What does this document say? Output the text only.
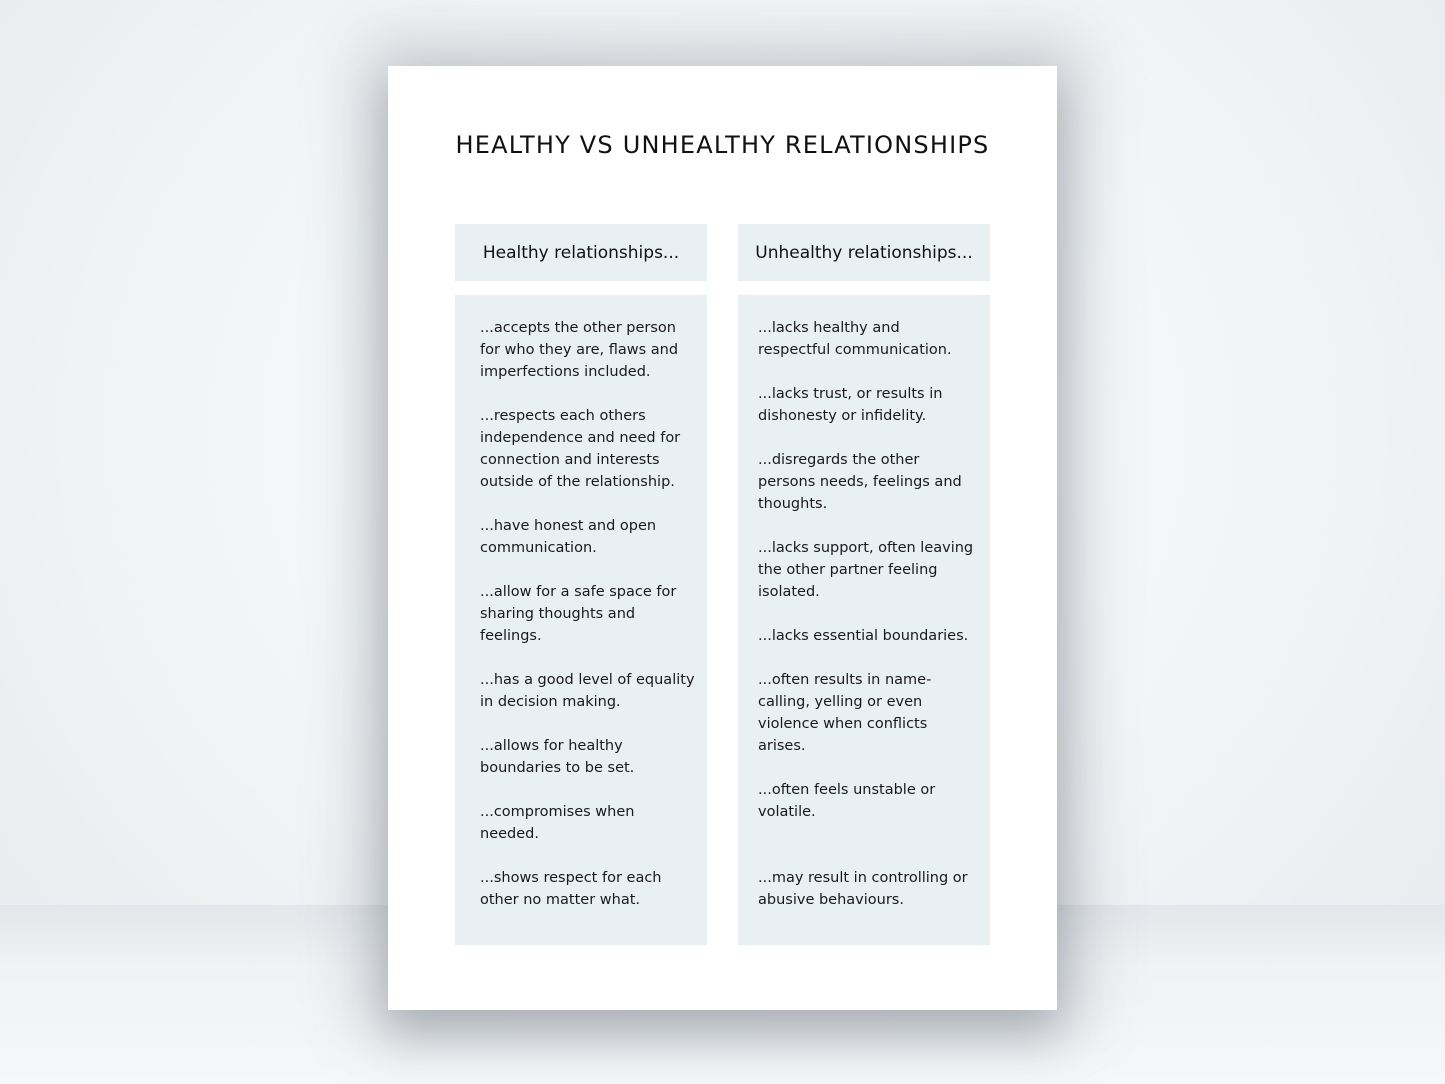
HEALTHY VS UNHEALTHY RELATIONSHIPS
Healthy relationships...	Unhealthy relationships...
...accepts the other person
for who they are, flaws and
imperfections included.
...respects each others
independence and need for
connection and interests
outside of the relationship.
...have honest and open
communication.
...allow for a safe space for
sharing thoughts and
feelings.
...has a good level of equality
in decision making.
...allows for healthy
boundaries to be set.
...compromises when
needed.
...shows respect for each
other no matter what.
...lacks healthy and
respectful communication.
...lacks trust, or results in
dishonesty or infidelity.
...disregards the other
persons needs, feelings and
thoughts.
...lacks support, often leaving
the other partner feeling
isolated.
...lacks essential boundaries.
...often results in name-
calling, yelling or even
violence when conflicts
arises.
...often feels unstable or
volatile.
...may result in controlling or
abusive behaviours.
